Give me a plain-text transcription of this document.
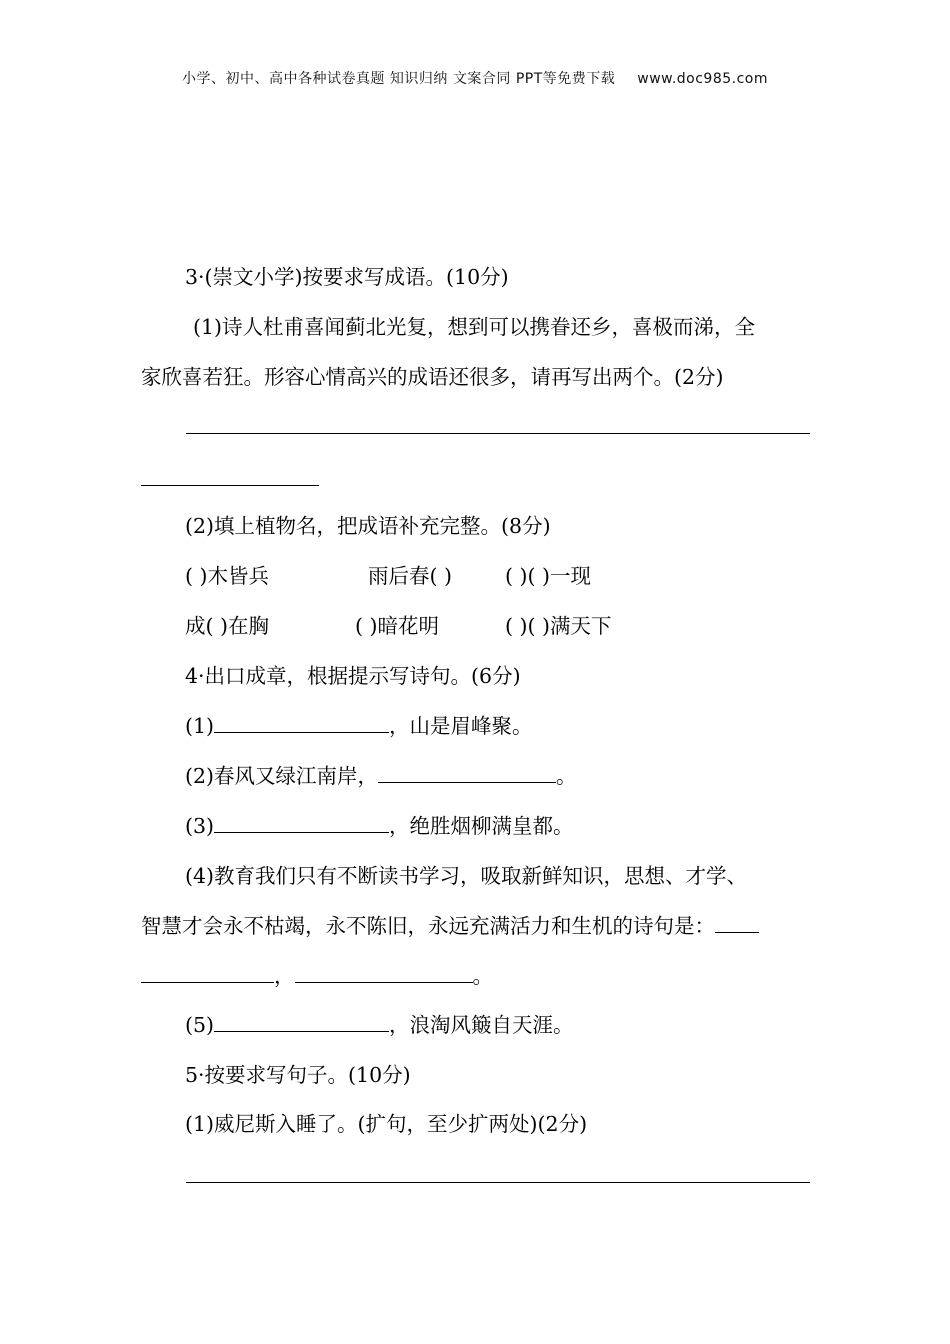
小学、初中、高中各种试卷真题 知识归纳 文案合同 PPT等免费下载 www.doc985.com
3·(崇文小学)按要求写成语。(10分)
(1)诗人杜甫喜闻蓟北光复，想到可以携眷还乡，喜极而涕，全
家欣喜若狂。形容心情高兴的成语还很多，请再写出两个。(2分)
(2)填上植物名，把成语补充完整。(8分)
( )木皆兵	雨后春( )	( )( )一现
成( )在胸	( )暗花明	( )( )满天下
4·出口成章，根据提示写诗句。(6分)
(1)	，山是眉峰聚。
(2)春风又绿江南岸，	。
(3)	，绝胜烟柳满皇都。
(4)教育我们只有不断读书学习，吸取新鲜知识，思想、才学、
智慧才会永不枯竭，永不陈旧，永远充满活力和生机的诗句是：
，	。
(5)	，浪淘风簸自天涯。
5·按要求写句子。(10分)
(1)威尼斯入睡了。(扩句，至少扩两处)(2分)
